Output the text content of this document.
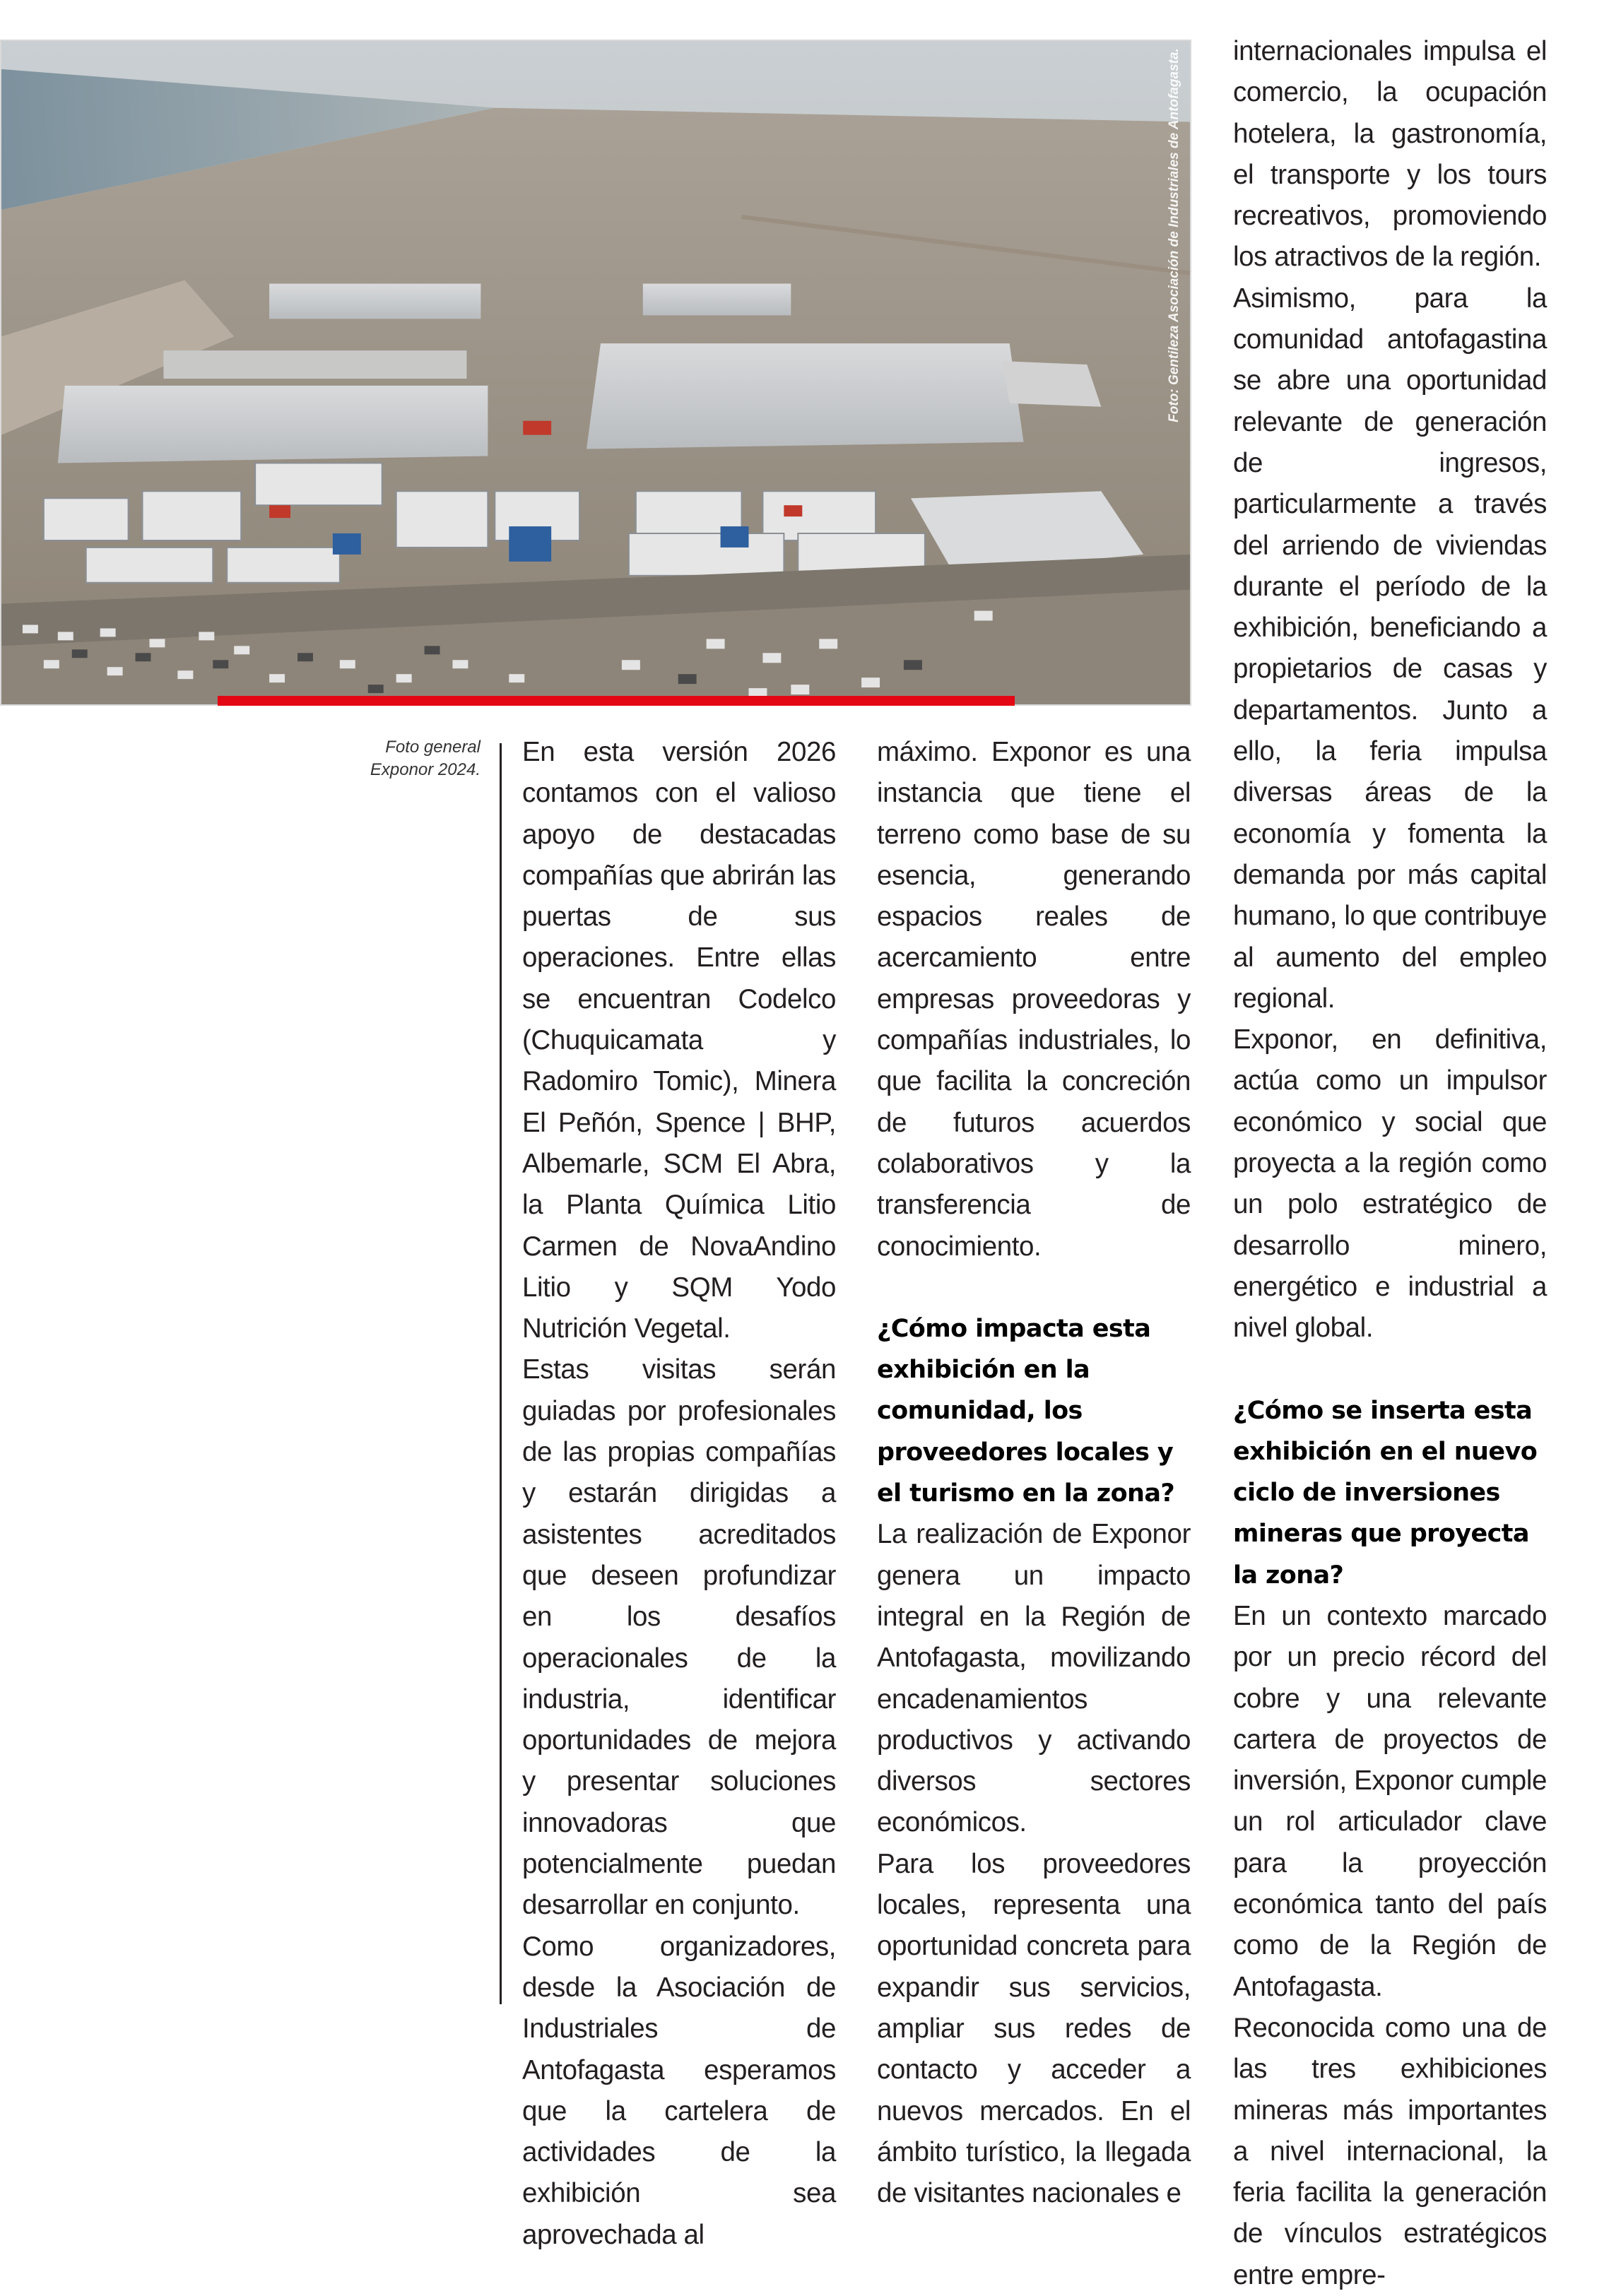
Foto: Gentileza Asociación de Industriales de Antofagasta.
Foto general
Exponor 2024.

En esta versión 2026 contamos con el valioso apoyo de destacadas compañías que abrirán las puertas de sus operaciones. Entre ellas se encuentran Codelco (Chuquicamata y Radomiro Tomic), Minera El Peñón, Spence | BHP, Albemarle, SCM El Abra, la Planta Química Litio Carmen de NovaAndino Litio y SQM Yodo Nutrición Vegetal.

Estas visitas serán guiadas por profesionales de las propias compañías y estarán dirigidas a asistentes acreditados que deseen profundizar en los desafíos operacionales de la industria, identificar oportunidades de mejora y presentar soluciones innovadoras que potencialmente puedan desarrollar en conjunto.

Como organizadores, desde la Asociación de Industriales de Antofagasta esperamos que la cartelera de actividades de la exhibición sea aprovechada al

máximo. Exponor es una instancia que tiene el terreno como base de su esencia, generando espacios reales de acercamiento entre empresas proveedoras y compañías industriales, lo que facilita la concreción de futuros acuerdos colaborativos y la transferencia de conocimiento.

¿Cómo impacta esta exhibición en la comunidad, los proveedores locales y el turismo en la zona?

La realización de Exponor genera un impacto integral en la Región de Antofagasta, movilizando encadenamientos productivos y activando diversos sectores económicos.

Para los proveedores locales, representa una oportunidad concreta para expandir sus servicios, ampliar sus redes de contacto y acceder a nuevos mercados. En el ámbito turístico, la llegada de visitantes nacionales e

internacionales impulsa el comercio, la ocupación hotelera, la gastronomía, el transporte y los tours recreativos, promoviendo los atractivos de la región.

Asimismo, para la comunidad antofagastina se abre una oportunidad relevante de generación de ingresos, particularmente a través del arriendo de viviendas durante el período de la exhibición, beneficiando a propietarios de casas y departamentos. Junto a ello, la feria impulsa diversas áreas de la economía y fomenta la demanda por más capital humano, lo que contribuye al aumento del empleo regional.

Exponor, en definitiva, actúa como un impulsor económico y social que proyecta a la región como un polo estratégico de desarrollo minero, energético e industrial a nivel global.

¿Cómo se inserta esta exhibición en el nuevo ciclo de inversiones mineras que proyecta la zona?

En un contexto marcado por un precio récord del cobre y una relevante cartera de proyectos de inversión, Exponor cumple un rol articulador clave para la proyección económica tanto del país como de la Región de Antofagasta.

Reconocida como una de las tres exhibiciones mineras más importantes a nivel internacional, la feria facilita la generación de vínculos estratégicos entre empre-
